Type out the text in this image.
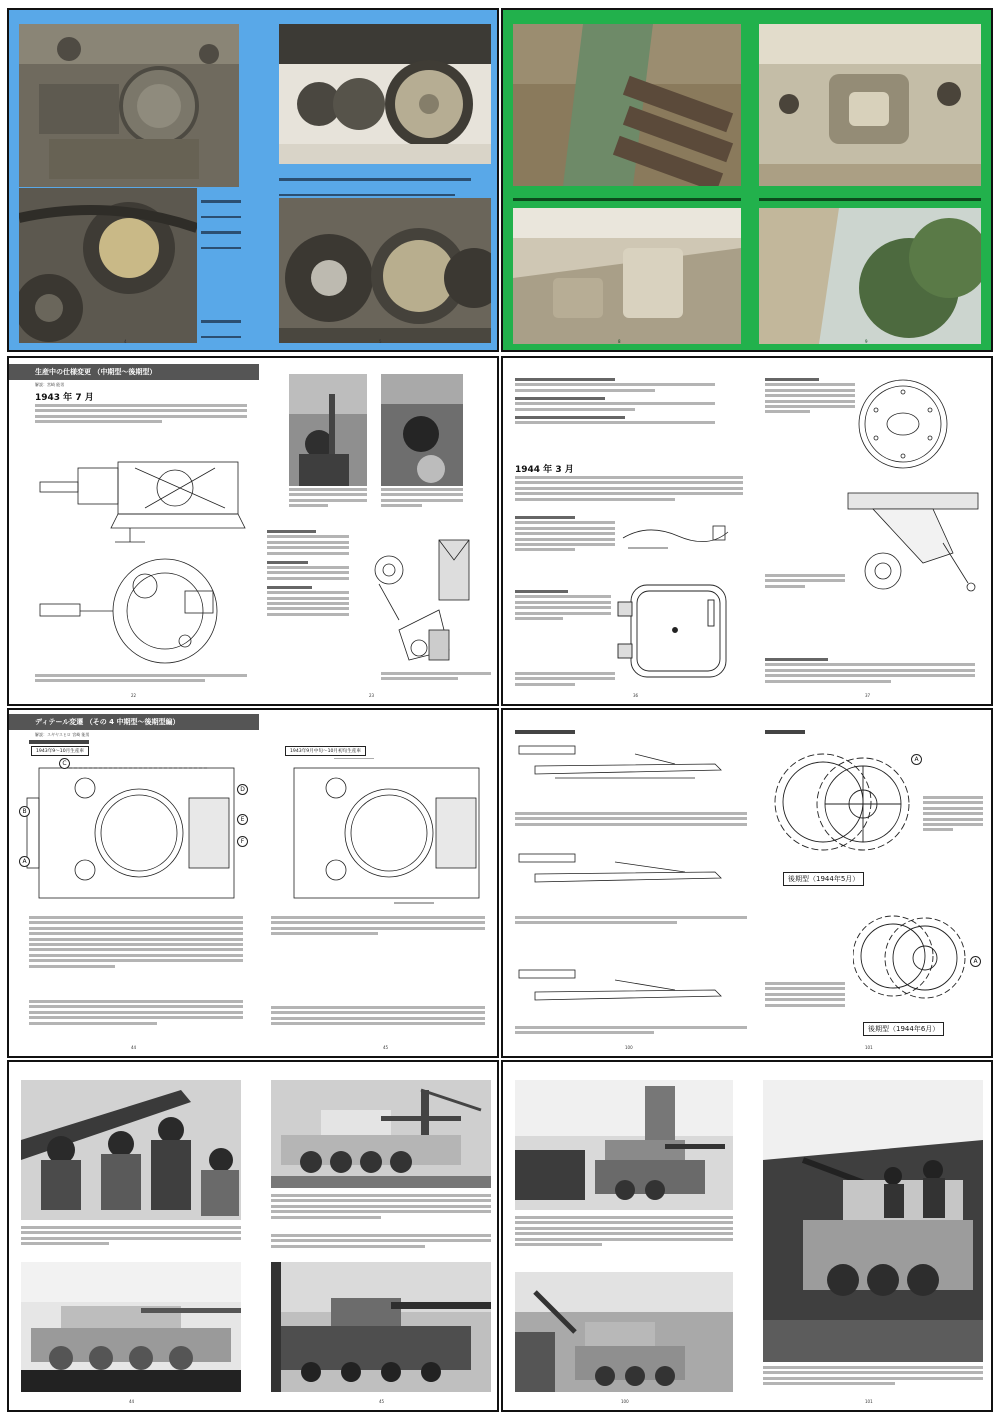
4	5

	8	9
生産中の仕様変更 （中期型～後期型）
解説：宮崎 能男
1943 年 7 月
22	23
1944 年 3 月
36	37
ディテール変遷 （その 4 中期型～後期型編）
解説：スギヤスヒロ 宮崎 能男
1943年9～10月生産車	1943年9月中旬～10月初旬生産車
B
A
C
D
E
F
44	45
A
後期型（1944年5月）
A
後期型（1944年6月）
100	101
44	45	100	101
